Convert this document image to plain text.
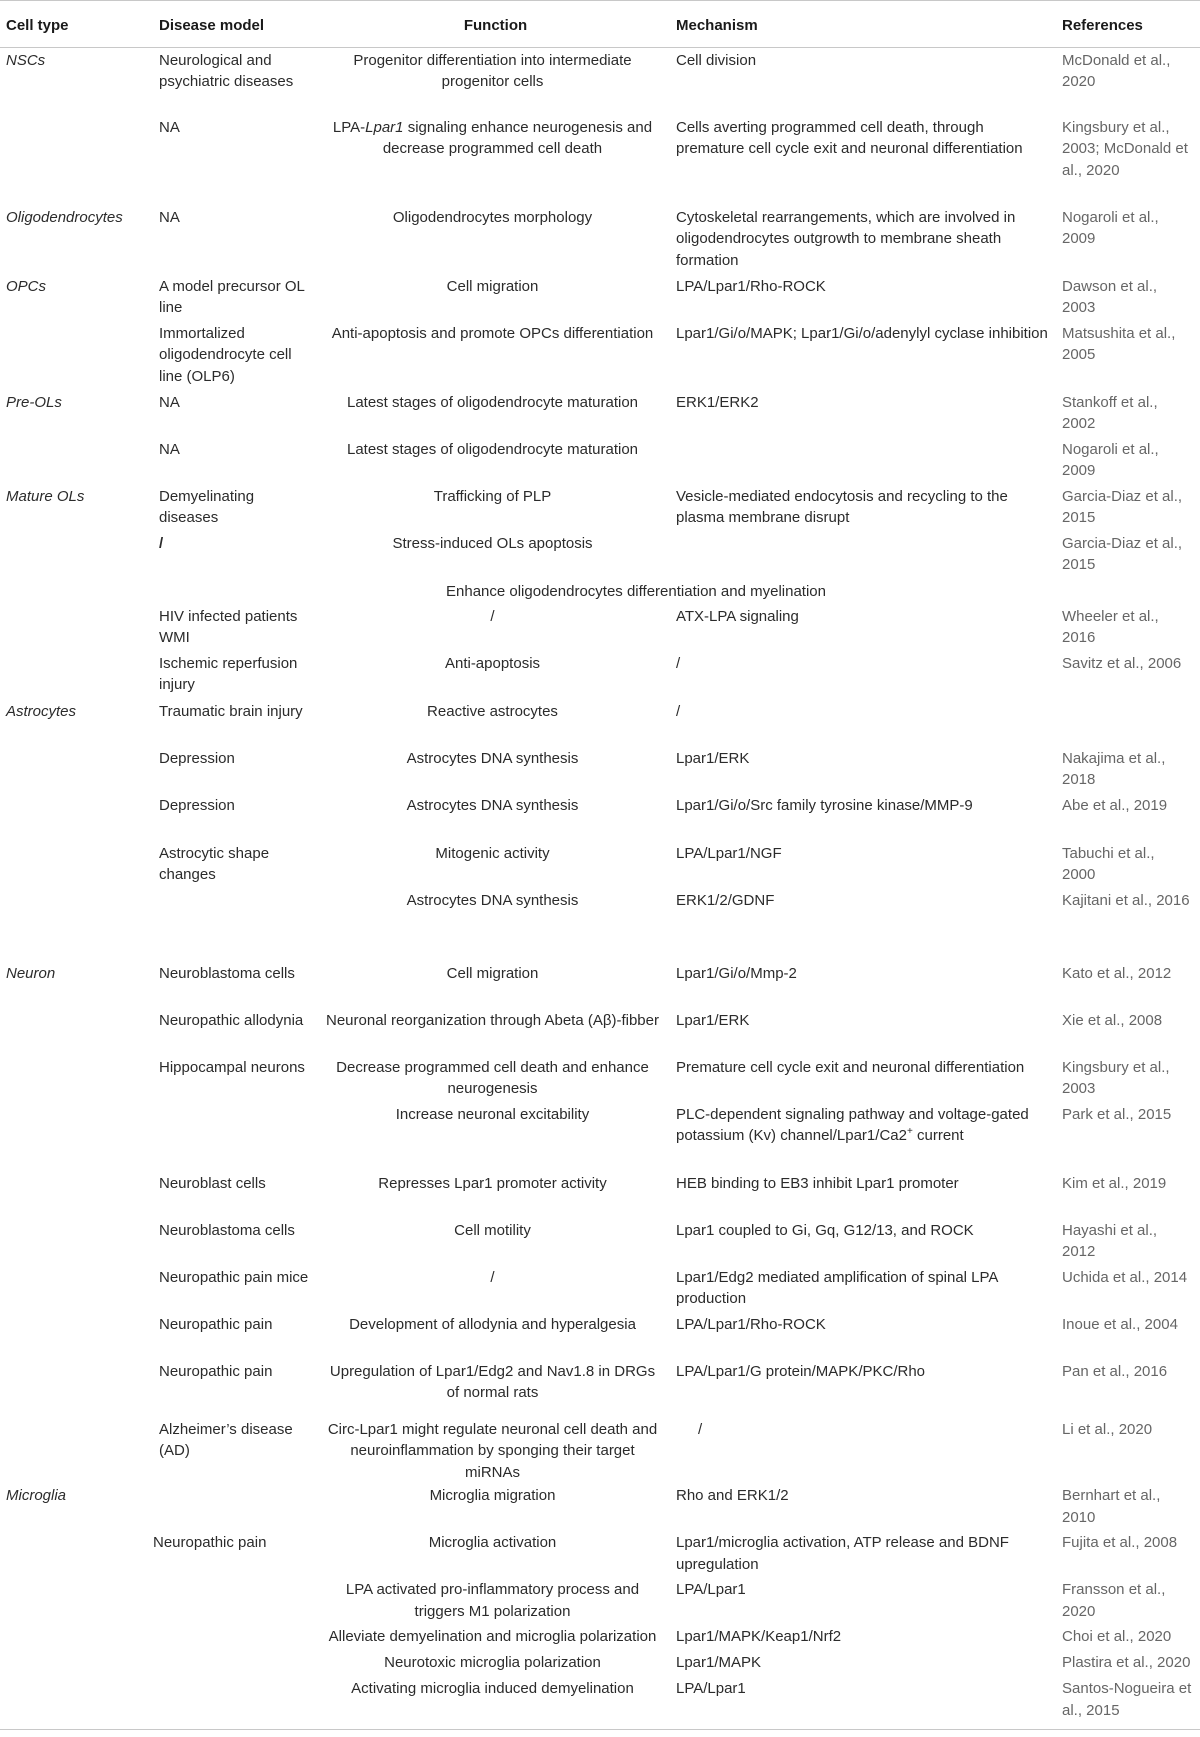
Cell type	Disease model	Function	Mechanism	References
NSCs	Neurological and psychiatric diseases	Progenitor differentiation into intermediate progenitor cells	Cell division	McDonald et al., 2020
	NA	LPA-Lpar1 signaling enhance neurogenesis and decrease programmed cell death	Cells averting programmed cell death, through premature cell cycle exit and neuronal differentiation	Kingsbury et al., 2003; McDonald et al., 2020
Oligodendrocytes	NA	Oligodendrocytes morphology	Cytoskeletal rearrangements, which are involved in oligodendrocytes outgrowth to membrane sheath formation	Nogaroli et al., 2009
OPCs	A model precursor OL line	Cell migration	LPA/Lpar1/Rho-ROCK	Dawson et al., 2003
	Immortalized oligodendrocyte cell line (OLP6)	Anti-apoptosis and promote OPCs differentiation	Lpar1/Gi/o/MAPK; Lpar1/Gi/o/adenylyl cyclase inhibition	Matsushita et al., 2005
Pre-OLs	NA	Latest stages of oligodendrocyte maturation	ERK1/ERK2	Stankoff et al., 2002
	NA	Latest stages of oligodendrocyte maturation		Nogaroli et al., 2009
Mature OLs	Demyelinating diseases	Trafficking of PLP	Vesicle-mediated endocytosis and recycling to the plasma membrane disrupt	Garcia-Diaz et al., 2015
	/	Stress-induced OLs apoptosis		Garcia-Diaz et al., 2015
		Enhance oligodendrocytes differentiation and myelination		
	HIV infected patients WMI	/	ATX-LPA signaling	Wheeler et al., 2016
	Ischemic reperfusion injury	Anti-apoptosis	/	Savitz et al., 2006
Astrocytes	Traumatic brain injury	Reactive astrocytes	/	
	Depression	Astrocytes DNA synthesis	Lpar1/ERK	Nakajima et al., 2018
	Depression	Astrocytes DNA synthesis	Lpar1/Gi/o/Src family tyrosine kinase/MMP-9	Abe et al., 2019
	Astrocytic shape changes	Mitogenic activity	LPA/Lpar1/NGF	Tabuchi et al., 2000
		Astrocytes DNA synthesis	ERK1/2/GDNF	Kajitani et al., 2016
Neuron	Neuroblastoma cells	Cell migration	Lpar1/Gi/o/Mmp-2	Kato et al., 2012
	Neuropathic allodynia	Neuronal reorganization through Abeta (Aβ)-fibber	Lpar1/ERK	Xie et al., 2008
	Hippocampal neurons	Decrease programmed cell death and enhance neurogenesis	Premature cell cycle exit and neuronal differentiation	Kingsbury et al., 2003
		Increase neuronal excitability	PLC-dependent signaling pathway and voltage-gated potassium (Kv) channel/Lpar1/Ca2+ current	Park et al., 2015
	Neuroblast cells	Represses Lpar1 promoter activity	HEB binding to EB3 inhibit Lpar1 promoter	Kim et al., 2019
	Neuroblastoma cells	Cell motility	Lpar1 coupled to Gi, Gq, G12/13, and ROCK	Hayashi et al., 2012
	Neuropathic pain mice	/	Lpar1/Edg2 mediated amplification of spinal LPA production	Uchida et al., 2014
	Neuropathic pain	Development of allodynia and hyperalgesia	LPA/Lpar1/Rho-ROCK	Inoue et al., 2004
	Neuropathic pain	Upregulation of Lpar1/Edg2 and Nav1.8 in DRGs of normal rats	LPA/Lpar1/G protein/MAPK/PKC/Rho	Pan et al., 2016
	Alzheimer’s disease (AD)	Circ-Lpar1 might regulate neuronal cell death and neuroinflammation by sponging their target miRNAs	/	Li et al., 2020
Microglia		Microglia migration	Rho and ERK1/2	Bernhart et al., 2010
	Neuropathic pain	Microglia activation	Lpar1/microglia activation, ATP release and BDNF upregulation	Fujita et al., 2008
		LPA activated pro-inflammatory process and triggers M1 polarization	LPA/Lpar1	Fransson et al., 2020
		Alleviate demyelination and microglia polarization	Lpar1/MAPK/Keap1/Nrf2	Choi et al., 2020
		Neurotoxic microglia polarization	Lpar1/MAPK	Plastira et al., 2020
		Activating microglia induced demyelination	LPA/Lpar1	Santos-Nogueira et al., 2015
